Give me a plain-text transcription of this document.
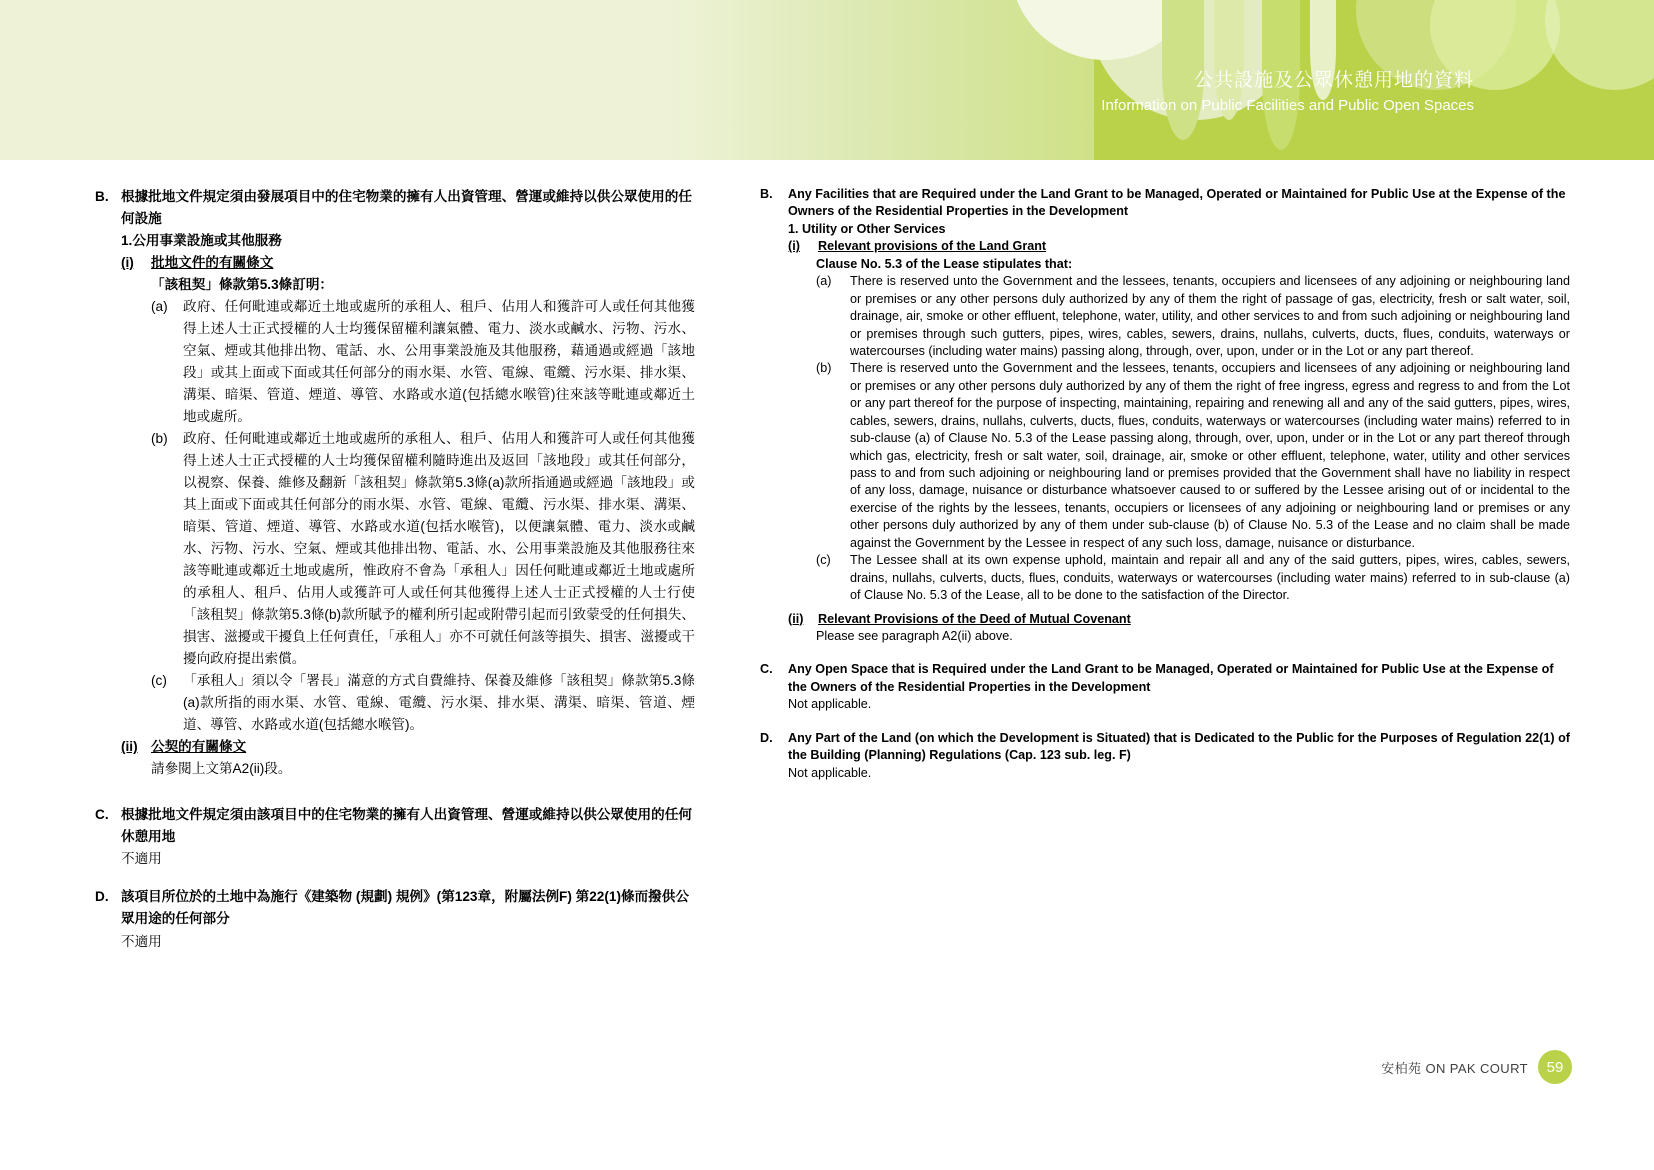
公共設施及公眾休憩用地的資料
Information on Public Facilities and Public Open Spaces
B. 根據批地文件規定須由發展項目中的住宅物業的擁有人出資管理、營運或維持以供公眾使用的任何設施
1.公用事業設施或其他服務
(i)	批地文件的有關條文
「該租契」條款第5.3條訂明：
(a)	政府、任何毗連或鄰近土地或處所的承租人、租戶、佔用人和獲許可人或任何其他獲得上述人士正式授權的人士均獲保留權利讓氣體、電力、淡水或鹹水、污物、污水、空氣、煙或其他排出物、電話、水、公用事業設施及其他服務，藉通過或經過「該地段」或其上面或下面或其任何部分的雨水渠、水管、電線、電纜、污水渠、排水渠、溝渠、暗渠、管道、煙道、導管、水路或水道(包括總水喉管)往來該等毗連或鄰近土地或處所。
(b)	政府、任何毗連或鄰近土地或處所的承租人、租戶、佔用人和獲許可人或任何其他獲得上述人士正式授權的人士均獲保留權利隨時進出及返回「該地段」或其任何部分，以視察、保養、維修及翻新「該租契」條款第5.3條(a)款所指通過或經過「該地段」或其上面或下面或其任何部分的雨水渠、水管、電線、電纜、污水渠、排水渠、溝渠、暗渠、管道、煙道、導管、水路或水道(包括水喉管)，以便讓氣體、電力、淡水或鹹水、污物、污水、空氣、煙或其他排出物、電話、水、公用事業設施及其他服務往來該等毗連或鄰近土地或處所，惟政府不會為「承租人」因任何毗連或鄰近土地或處所的承租人、租戶、佔用人或獲許可人或任何其他獲得上述人士正式授權的人士行使「該租契」條款第5.3條(b)款所賦予的權利所引起或附帶引起而引致蒙受的任何損失、損害、滋擾或干擾負上任何責任，「承租人」亦不可就任何該等損失、損害、滋擾或干擾向政府提出索償。
(c)	「承租人」須以令「署長」滿意的方式自費維持、保養及維修「該租契」條款第5.3條(a)款所指的雨水渠、水管、電線、電纜、污水渠、排水渠、溝渠、暗渠、管道、煙道、導管、水路或水道(包括總水喉管)。
(ii) 公契的有關條文
請參閱上文第A2(ii)段。
C. 根據批地文件規定須由該項目中的住宅物業的擁有人出資管理、營運或維持以供公眾使用的任何休憩用地
不適用
D. 該項目所位於的土地中為施行《建築物 (規劃) 規例》(第123章，附屬法例F) 第22(1)條而撥供公眾用途的任何部分
不適用
B.	Any Facilities that are Required under the Land Grant to be Managed, Operated or Maintained for Public Use at the Expense of the Owners of the Residential Properties in the Development
1. Utility or Other Services
(i)	Relevant provisions of the Land Grant
Clause No. 5.3 of the Lease stipulates that:
(a)	There is reserved unto the Government and the lessees, tenants, occupiers and licensees of any adjoining or neighbouring land or premises or any other persons duly authorized by any of them the right of passage of gas, electricity, fresh or salt water, soil, drainage, air, smoke or other effluent, telephone, water, utility, and other services to and from such adjoining or neighbouring land or premises through such gutters, pipes, wires, cables, sewers, drains, nullahs, culverts, ducts, flues, conduits, waterways or watercourses (including water mains) passing along, through, over, upon, under or in the Lot or any part thereof.
(b)	There is reserved unto the Government and the lessees, tenants, occupiers and licensees of any adjoining or neighbouring land or premises or any other persons duly authorized by any of them the right of free ingress, egress and regress to and from the Lot or any part thereof for the purpose of inspecting, maintaining, repairing and renewing all and any of the said gutters, pipes, wires, cables, sewers, drains, nullahs, culverts, ducts, flues, conduits, waterways or watercourses (including water mains) referred to in sub-clause (a) of Clause No. 5.3 of the Lease passing along, through, over, upon, under or in the Lot or any part thereof through which gas, electricity, fresh or salt water, soil, drainage, air, smoke or other effluent, telephone, water, utility and other services pass to and from such adjoining or neighbouring land or premises provided that the Government shall have no liability in respect of any loss, damage, nuisance or disturbance whatsoever caused to or suffered by the Lessee arising out of or incidental to the exercise of the rights by the lessees, tenants, occupiers or licensees of any adjoining or neighbouring land or premises or any other persons duly authorized by any of them under sub-clause (b) of Clause No. 5.3 of the Lease and no claim shall be made against the Government by the Lessee in respect of any such loss, damage, nuisance or disturbance.
(c)	The Lessee shall at its own expense uphold, maintain and repair all and any of the said gutters, pipes, wires, cables, sewers, drains, nullahs, culverts, ducts, flues, conduits, waterways or watercourses (including water mains) referred to in sub-clause (a) of Clause No. 5.3 of the Lease, all to be done to the satisfaction of the Director.
(ii)	Relevant Provisions of the Deed of Mutual Covenant
Please see paragraph A2(ii) above.
C.	Any Open Space that is Required under the Land Grant to be Managed, Operated or Maintained for Public Use at the Expense of the Owners of the Residential Properties in the Development
Not applicable.
D.	Any Part of the Land (on which the Development is Situated) that is Dedicated to the Public for the Purposes of Regulation 22(1) of the Building (Planning) Regulations (Cap. 123 sub. leg. F)
Not applicable.
安柏苑 ON PAK COURT	59
